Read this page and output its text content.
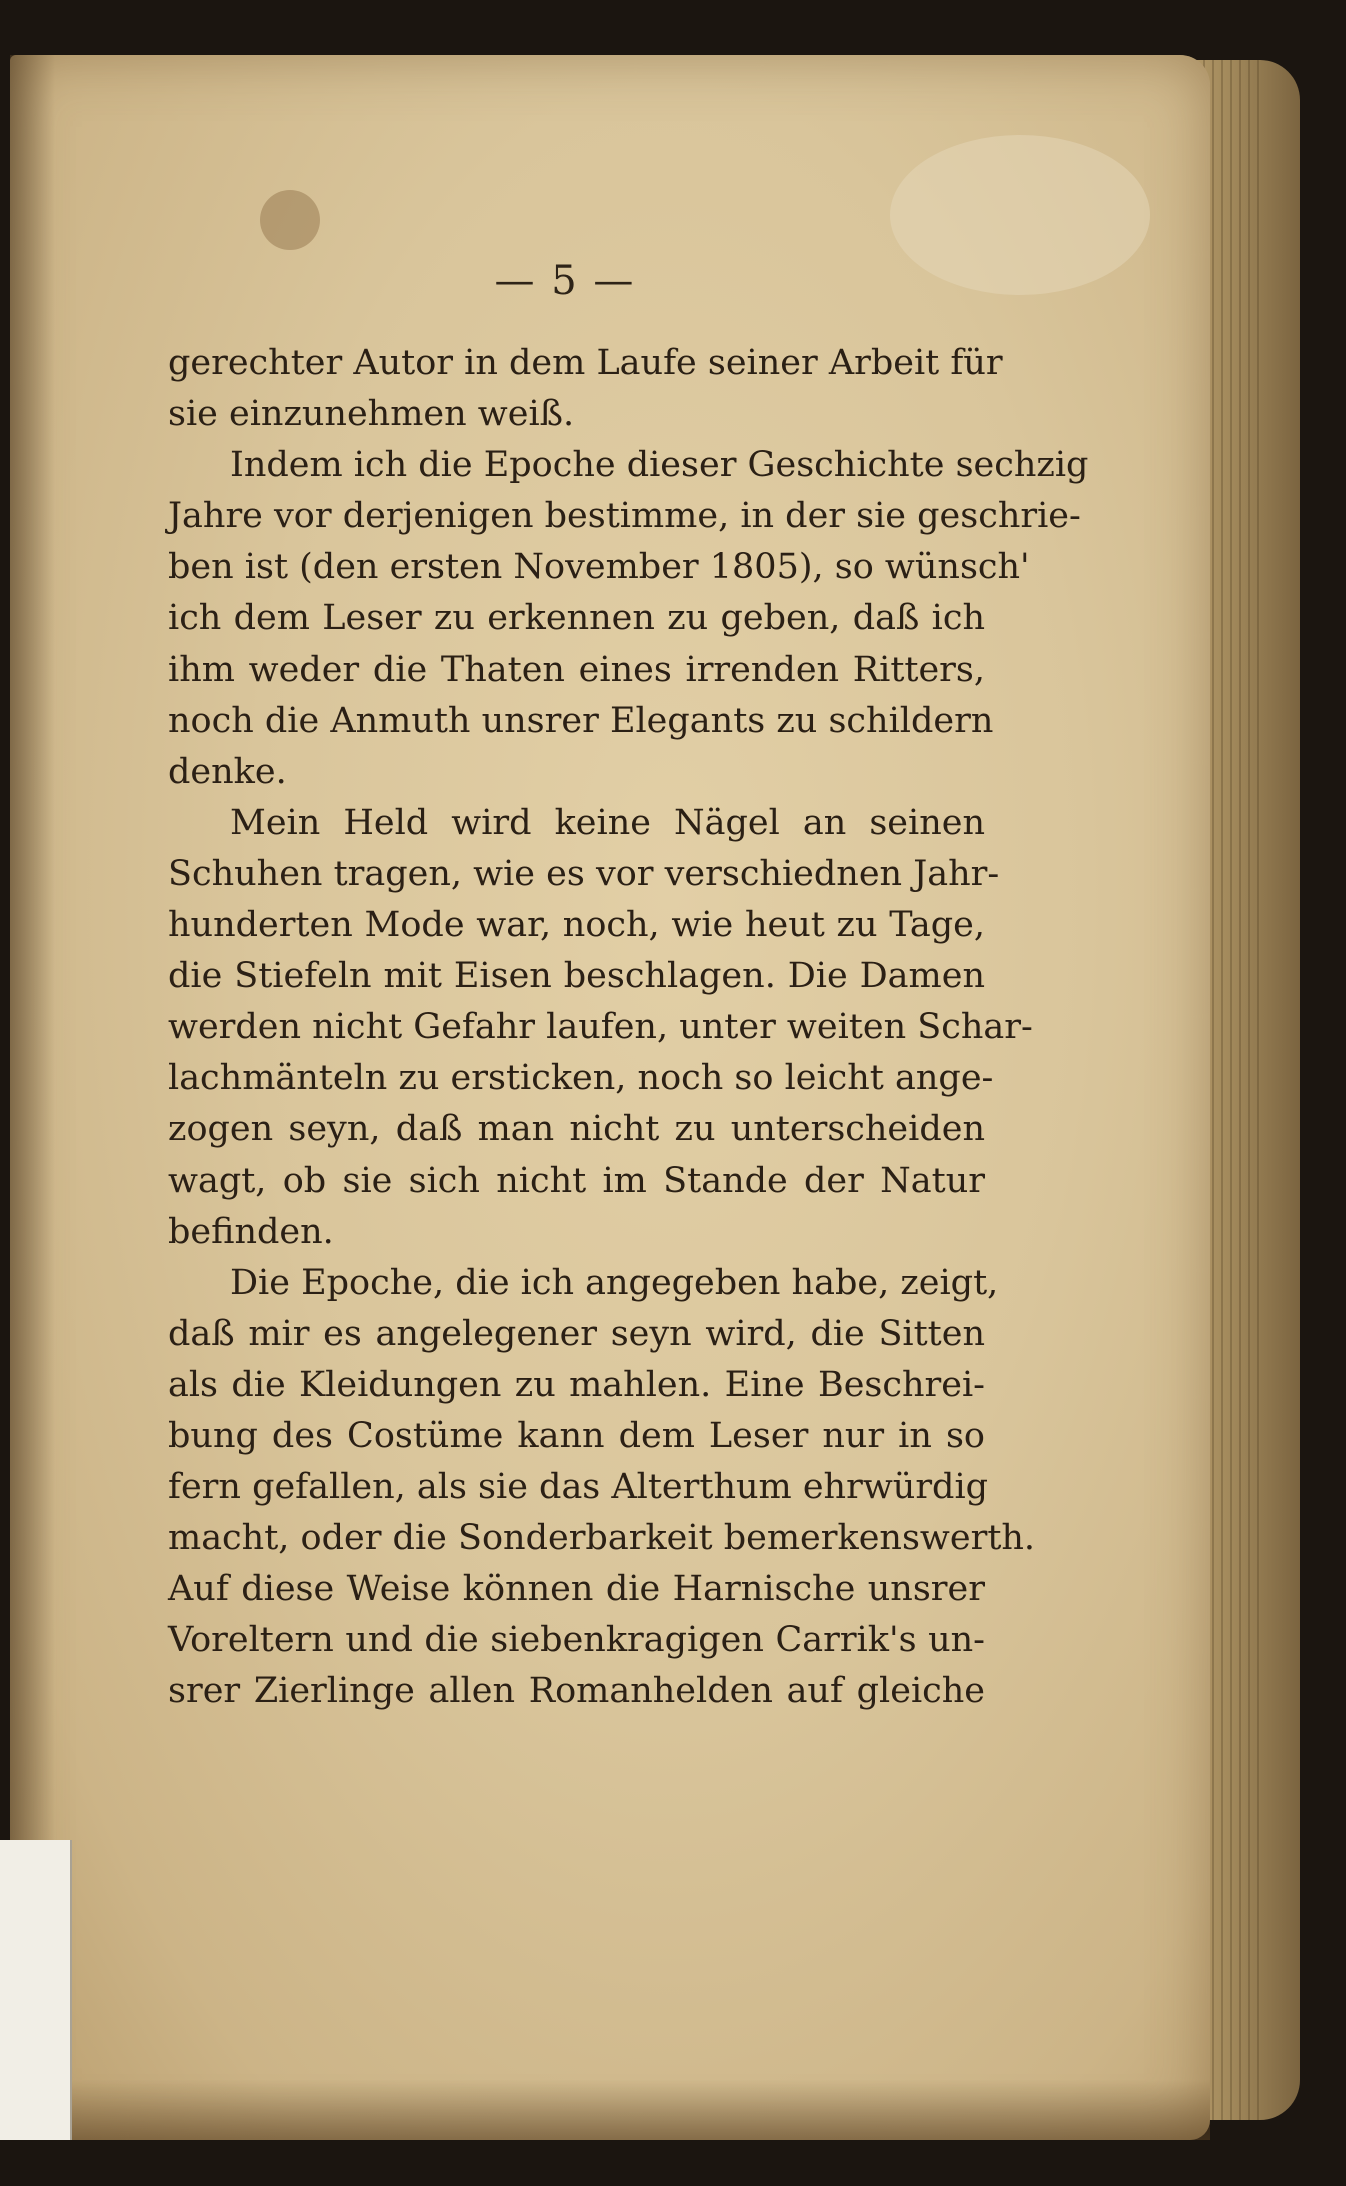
— 5 —
gerechter Autor in dem Laufe seiner Arbeit für
sie einzunehmen weiß.
Indem ich die Epoche dieser Geschichte sechzig
Jahre vor derjenigen bestimme, in der sie geschrie-
ben ist (den ersten November 1805), so wünsch'
ich dem Leser zu erkennen zu geben, daß ich
ihm weder die Thaten eines irrenden Ritters,
noch die Anmuth unsrer Elegants zu schildern
denke.
Mein Held wird keine Nägel an seinen
Schuhen tragen, wie es vor verschiednen Jahr-
hunderten Mode war, noch, wie heut zu Tage,
die Stiefeln mit Eisen beschlagen. Die Damen
werden nicht Gefahr laufen, unter weiten Schar-
lachmänteln zu ersticken, noch so leicht ange-
zogen seyn, daß man nicht zu unterscheiden
wagt, ob sie sich nicht im Stande der Natur
befinden.
Die Epoche, die ich angegeben habe, zeigt,
daß mir es angelegener seyn wird, die Sitten
als die Kleidungen zu mahlen. Eine Beschrei-
bung des Costüme kann dem Leser nur in so
fern gefallen, als sie das Alterthum ehrwürdig
macht, oder die Sonderbarkeit bemerkenswerth.
Auf diese Weise können die Harnische unsrer
Voreltern und die siebenkragigen Carrik's un-
srer Zierlinge allen Romanhelden auf gleiche
